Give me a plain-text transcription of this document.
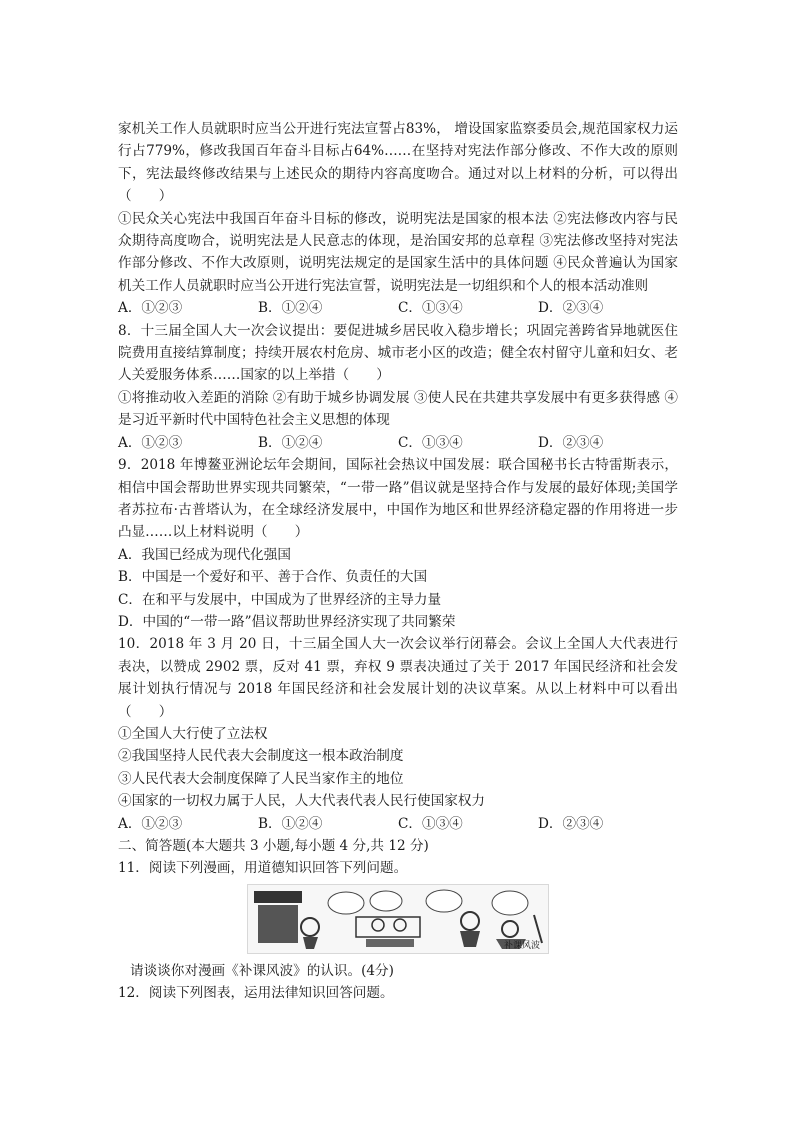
家机关工作人员就职时应当公开进行宪法宣誓占83%， 增设国家监察委员会,规范国家权力运行占779%，修改我国百年奋斗目标占64%……在坚持对宪法作部分修改、不作大改的原则下，宪法最终修改结果与上述民众的期待内容高度吻合。通过对以上材料的分析，可以得出（　　）

①民众关心宪法中我国百年奋斗目标的修改，说明宪法是国家的根本法 ②宪法修改内容与民众期待高度吻合，说明宪法是人民意志的体现，是治国安邦的总章程 ③宪法修改坚持对宪法作部分修改、不作大改原则，说明宪法规定的是国家生活中的具体问题 ④民众普遍认为国家机关工作人员就职时应当公开进行宪法宣誓，说明宪法是一切组织和个人的根本活动准则

A．①②③	B．①②④	C．①③④	D．②③④

8．十三届全国人大一次会议提出：要促进城乡居民收入稳步增长；巩固完善跨省异地就医住院费用直接结算制度；持续开展农村危房、城市老小区的改造；健全农村留守儿童和妇女、老人关爱服务体系……国家的以上举措（　　）

①将推动收入差距的消除 ②有助于城乡协调发展 ③使人民在共建共享发展中有更多获得感 ④是习近平新时代中国特色社会主义思想的体现

A．①②③	B．①②④	C．①③④	D．②③④

9．2018 年博鳌亚洲论坛年会期间，国际社会热议中国发展：联合国秘书长古特雷斯表示，相信中国会帮助世界实现共同繁荣，“一带一路”倡议就是坚持合作与发展的最好体现;美国学者苏拉布·古普塔认为，在全球经济发展中，中国作为地区和世界经济稳定器的作用将进一步凸显……以上材料说明（　　）

A．我国已经成为现代化强国

B．中国是一个爱好和平、善于合作、负责任的大国

C．在和平与发展中，中国成为了世界经济的主导力量

D．中国的“一带一路”倡议帮助世界经济实现了共同繁荣

10．2018 年 3 月 20 日，十三届全国人大一次会议举行闭幕会。会议上全国人大代表进行表决，以赞成 2902 票，反对 41 票，弃权 9 票表决通过了关于 2017 年国民经济和社会发展计划执行情况与 2018 年国民经济和社会发展计划的决议草案。从以上材料中可以看出（　　）

①全国人大行使了立法权

②我国坚持人民代表大会制度这一根本政治制度

③人民代表大会制度保障了人民当家作主的地位

④国家的一切权力属于人民，人大代表代表人民行使国家权力

A．①②③	B．①②④	C．①③④	D．②③④

二、简答题(本大题共 3 小题,每小题 4 分,共 12 分)

11．阅读下列漫画，用道德知识回答下列问题。

补课风波

请谈谈你对漫画《补课风波》的认识。(4分)

12．阅读下列图表，运用法律知识回答问题。
